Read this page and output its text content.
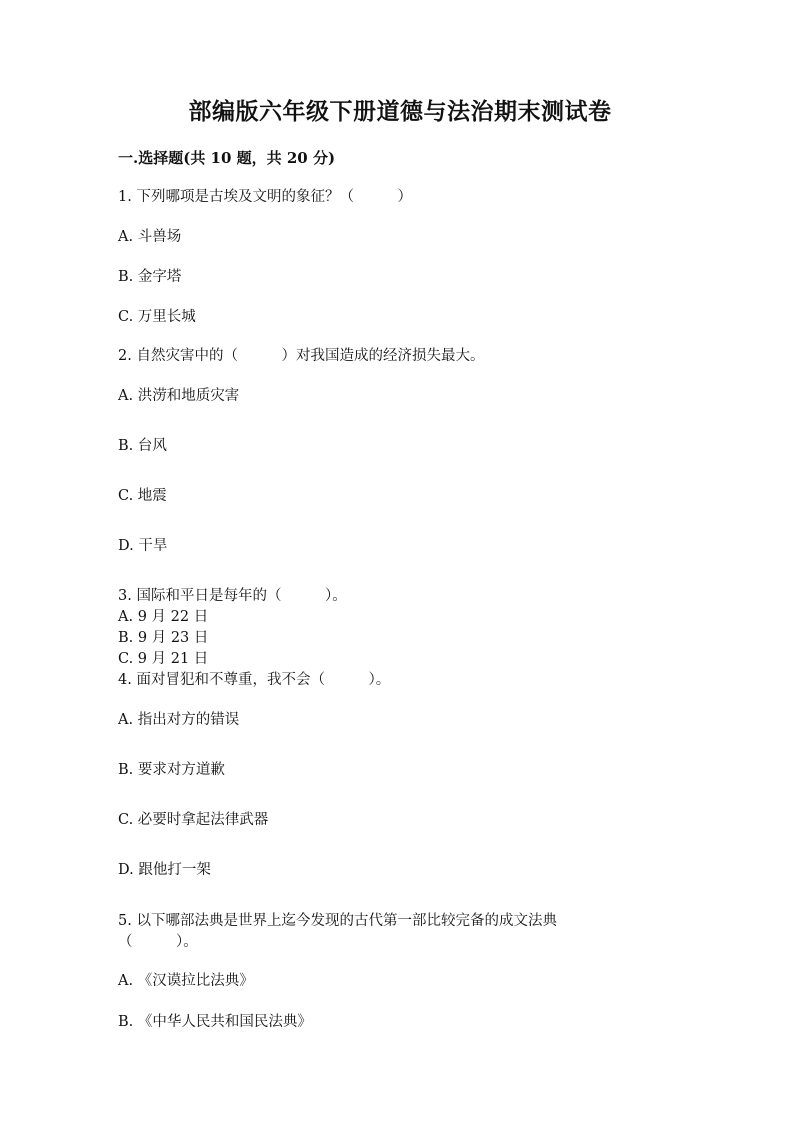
部编版六年级下册道德与法治期末测试卷
一.选择题(共 10 题，共 20 分)
1. 下列哪项是古埃及文明的象征？（　　　）
A. 斗兽场
B. 金字塔
C. 万里长城
2. 自然灾害中的（　　　）对我国造成的经济损失最大。
A. 洪涝和地质灾害
B. 台风
C. 地震
D. 干旱
3. 国际和平日是每年的（　　　）。
A. 9 月 22 日
B. 9 月 23 日
C. 9 月 21 日
4. 面对冒犯和不尊重，我不会（　　　）。
A. 指出对方的错误
B. 要求对方道歉
C. 必要时拿起法律武器
D. 跟他打一架
5. 以下哪部法典是世界上迄今发现的古代第一部比较完备的成文法典
（　　　）。
A. 《汉谟拉比法典》
B. 《中华人民共和国民法典》
